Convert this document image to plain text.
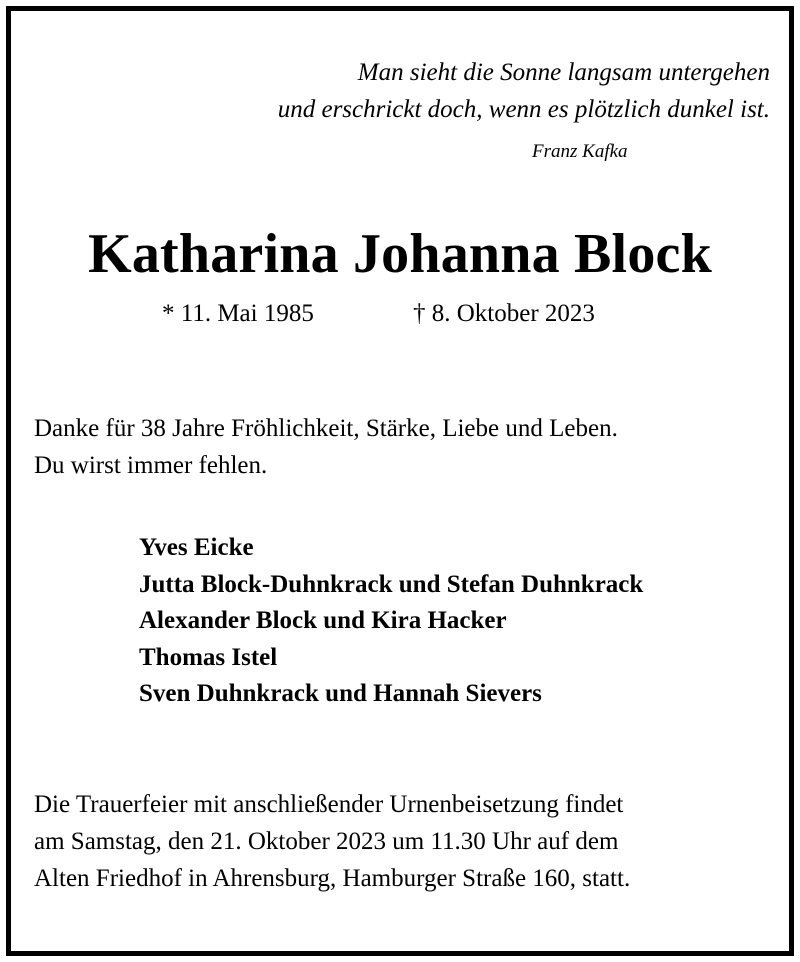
Man sieht die Sonne langsam untergehen
und erschrickt doch, wenn es plötzlich dunkel ist.
Franz Kafka
Katharina Johanna Block
* 11. Mai 1985	† 8. Oktober 2023
Danke für 38 Jahre Fröhlichkeit, Stärke, Liebe und Leben.
Du wirst immer fehlen.
Yves Eicke
Jutta Block-Duhnkrack und Stefan Duhnkrack
Alexander Block und Kira Hacker
Thomas Istel
Sven Duhnkrack und Hannah Sievers
Die Trauerfeier mit anschließender Urnenbeisetzung findet
am Samstag, den 21. Oktober 2023 um 11.30 Uhr auf dem
Alten Friedhof in Ahrensburg, Hamburger Straße 160, statt.
